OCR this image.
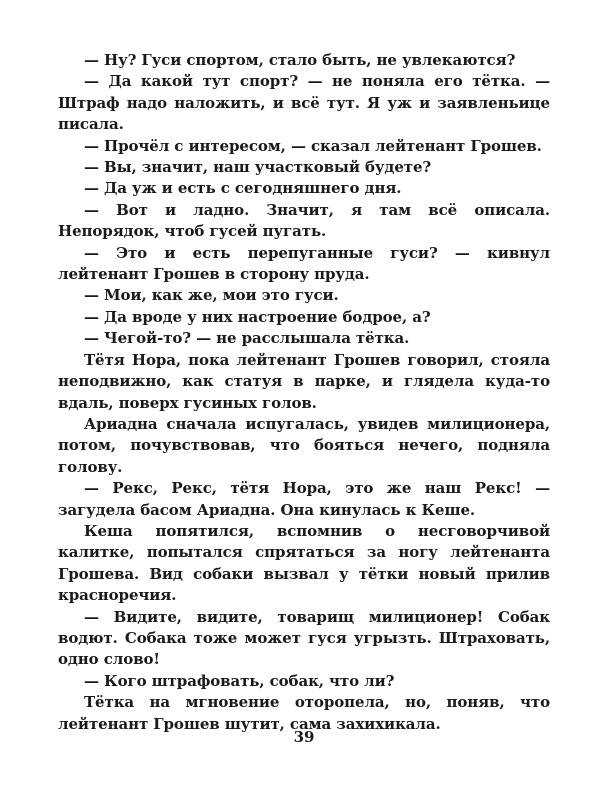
— Ну? Гуси спортом, стало быть, не увлекаются?

— Да какой тут спорт? — не поняла его тётка. — Штраф надо наложить, и всё тут. Я уж и заявленьице писала.

— Прочёл с интересом, — сказал лейтенант Грошев.

— Вы, значит, наш участковый будете?

— Да уж и есть с сегодняшнего дня.

— Вот и ладно. Значит, я там всё описала. Непорядок, чтоб гусей пугать.

— Это и есть перепуганные гуси? — кивнул лейтенант Грошев в сторону пруда.

— Мои, как же, мои это гуси.

— Да вроде у них настроение бодрое, а?

— Чегой-то? — не расслышала тётка.

Тётя Нора, пока лейтенант Грошев говорил, стояла неподвижно, как статуя в парке, и глядела куда-то вдаль, поверх гусиных голов.

Ариадна сначала испугалась, увидев милиционера, потом, почувствовав, что бояться нечего, подняла голову.

— Рекс, Рекс, тётя Нора, это же наш Рекс! — загудела басом Ариадна. Она кинулась к Кеше.

Кеша попятился, вспомнив о несговорчивой калитке, попытался спрятаться за ногу лейтенанта Грошева. Вид собаки вызвал у тётки новый прилив красноречия.

— Видите, видите, товарищ милиционер! Собак водют. Собака тоже может гуся угрызть. Штраховать, одно слово!

— Кого штрафовать, собак, что ли?

Тётка на мгновение оторопела, но, поняв, что лейтенант Грошев шутит, сама захихикала.

39
